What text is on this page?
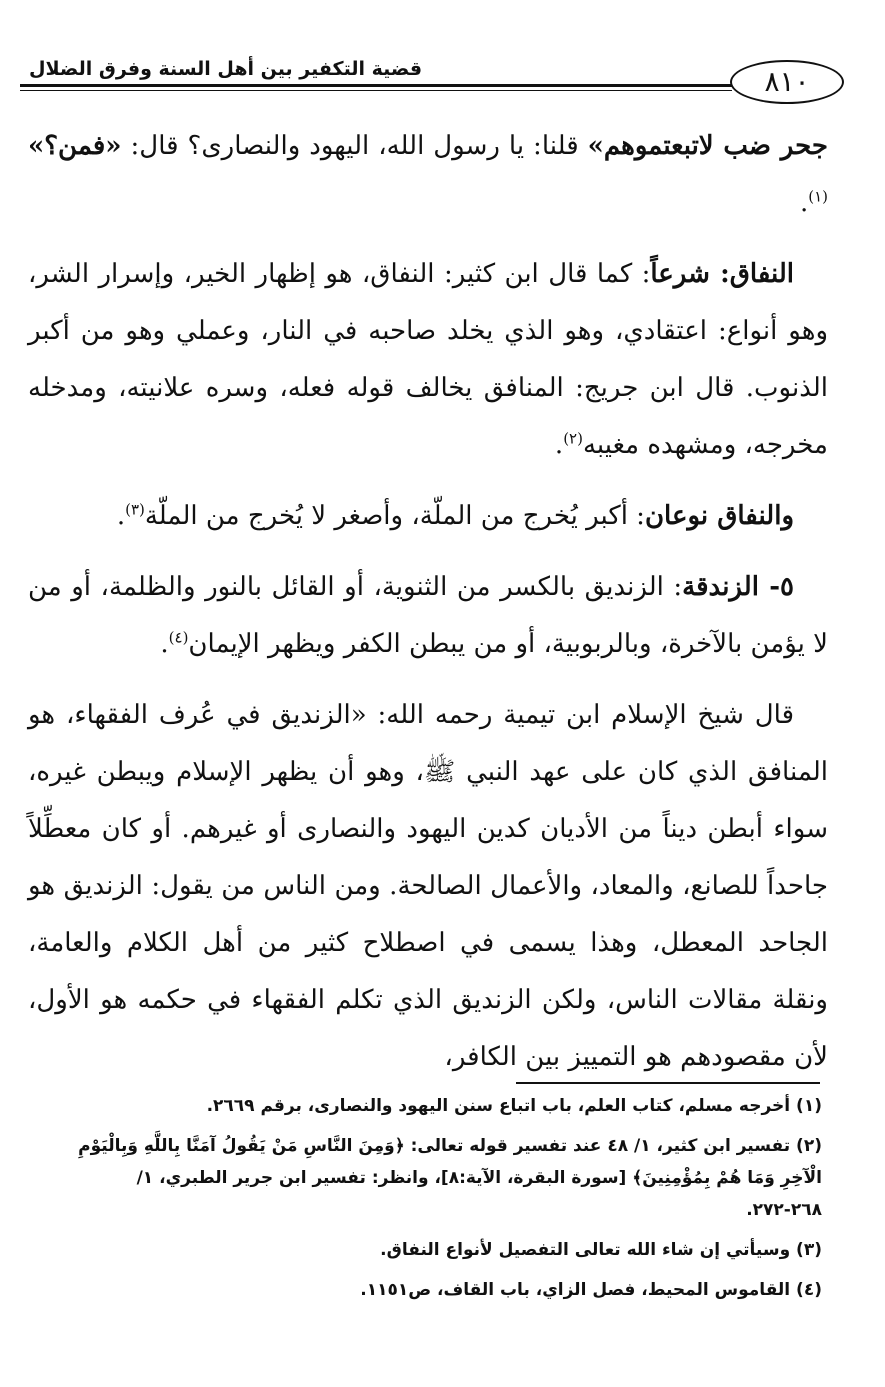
قضية التكفير بين أهل السنة وفرق الضلال	٨١٠

جحر ضب لاتبعتموهم» قلنا: يا رسول الله، اليهود والنصارى؟ قال: «فمن؟» $^{(١)}$.

النفاق: شرعاً: كما قال ابن كثير: النفاق، هو إظهار الخير، وإسرار الشر، وهو أنواع: اعتقادي، وهو الذي يخلد صاحبه في النار، وعملي وهو من أكبر الذنوب. قال ابن جريج: المنافق يخالف قوله فعله، وسره علانيته، ومدخله مخرجه، ومشهده مغيبه$^{(٢)}$.

والنفاق نوعان: أكبر يُخرج من الملّة، وأصغر لا يُخرج من الملّة$^{(٣)}$.

٥- الزندقة: الزنديق بالكسر من الثنوية، أو القائل بالنور والظلمة، أو من لا يؤمن بالآخرة، وبالربوبية، أو من يبطن الكفر ويظهر الإيمان$^{(٤)}$.

قال شيخ الإسلام ابن تيمية رحمه الله: «الزنديق في عُرف الفقهاء، هو المنافق الذي كان على عهد النبي ﷺ، وهو أن يظهر الإسلام ويبطن غيره، سواء أبطن ديناً من الأديان كدين اليهود والنصارى أو غيرهم. أو كان معطِّلاً جاحداً للصانع، والمعاد، والأعمال الصالحة. ومن الناس من يقول: الزنديق هو الجاحد المعطل، وهذا يسمى في اصطلاح كثير من أهل الكلام والعامة، ونقلة مقالات الناس، ولكن الزنديق الذي تكلم الفقهاء في حكمه هو الأول، لأن مقصودهم هو التمييز بين الكافر،

(١) أخرجه مسلم، كتاب العلم، باب اتباع سنن اليهود والنصارى، برقم ٢٦٦٩.

(٢) تفسير ابن كثير، ١/ ٤٨ عند تفسير قوله تعالى: ﴿وَمِنَ النَّاسِ مَنْ يَقُولُ آمَنَّا بِاللَّهِ وَبِالْيَوْمِ الْآخِرِ وَمَا هُمْ بِمُؤْمِنِينَ﴾ [سورة البقرة، الآية:٨]، وانظر: تفسير ابن جرير الطبري، ١/ ٢٦٨-٢٧٢.

(٣) وسيأتي إن شاء الله تعالى التفصيل لأنواع النفاق.

(٤) القاموس المحيط، فصل الزاي، باب القاف، ص١١٥١.
